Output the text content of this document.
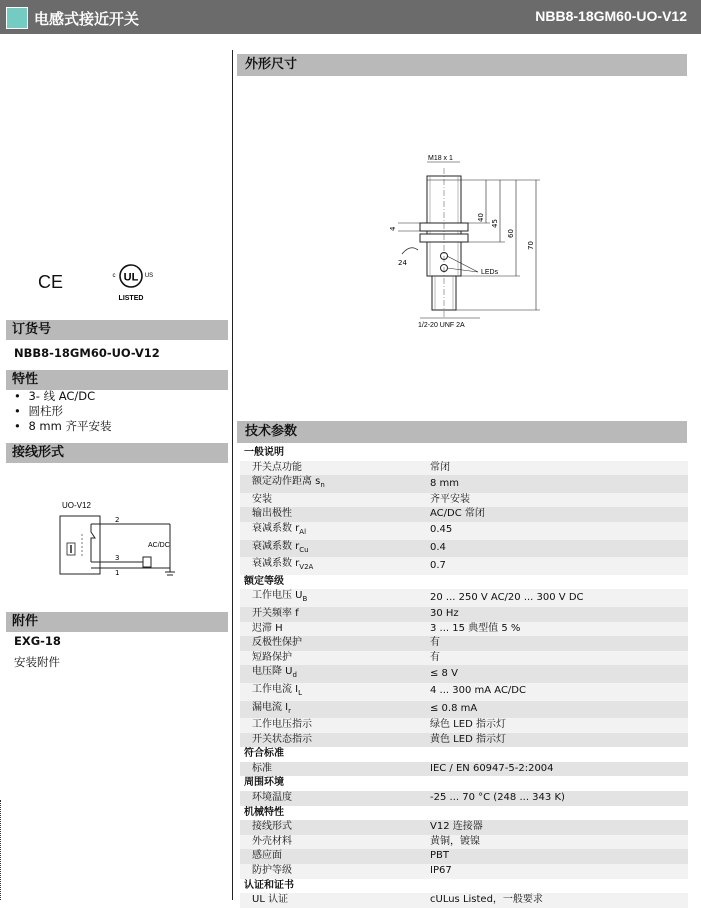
电感式接近开关	NBB8-18GM60-UO-V12
CE	UL
c	US
LISTED
订货号
NBB8-18GM60-UO-V12
特性
• 3- 线 AC/DC
• 圆柱形
• 8 mm 齐平安装
接线形式
UO-V12
2
3
1
AC/DC
附件
EXG-18
安装附件
外形尺寸
M18 x 1
LEDs
1/2-20 UNF 2A
40
45
60
70
4
24
技术参数
一般说明	
开关点功能	常闭
额定动作距离 $s_n$	8 mm
安装	齐平安装
输出极性	AC/DC 常闭
衰减系数 $r_{Al}$	0.45
衰减系数 $r_{Cu}$	0.4
衰减系数 $r_{V2A}$	0.7
额定等级	
工作电压 $U_B$	20 ... 250 V AC/20 ... 300 V DC
开关频率 f	30 Hz
迟滞 H	3 ... 15 典型值 5 %
反极性保护	有
短路保护	有
电压降 $U_d$	≤ 8 V
工作电流 $I_L$	4 ... 300 mA AC/DC
漏电流 $I_r$	≤ 0.8 mA
工作电压指示	绿色 LED 指示灯
开关状态指示	黄色 LED 指示灯
符合标准	
标准	IEC / EN 60947-5-2:2004
周围环境	
环境温度	-25 ... 70 °C (248 ... 343 K)
机械特性	
接线形式	V12 连接器
外壳材料	黄铜，镀镍
感应面	PBT
防护等级	IP67
认证和证书	
UL 认证	cULus Listed，一般要求
